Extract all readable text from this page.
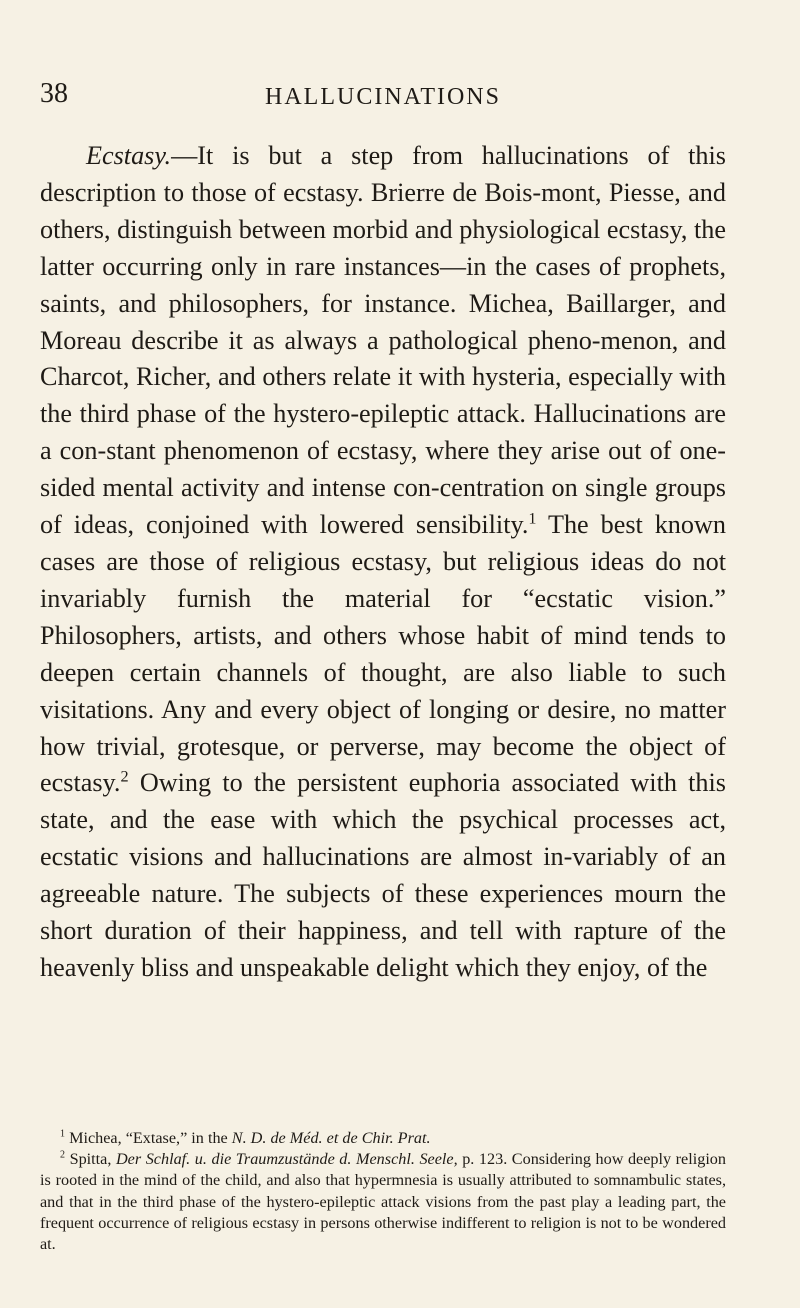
38	HALLUCINATIONS

Ecstasy.—It is but a step from hallucinations of this description to those of ecstasy. Brierre de Bois-mont, Piesse, and others, distinguish between morbid and physiological ecstasy, the latter occurring only in rare instances—in the cases of prophets, saints, and philosophers, for instance. Michea, Baillarger, and Moreau describe it as always a pathological pheno-menon, and Charcot, Richer, and others relate it with hysteria, especially with the third phase of the hystero-epileptic attack. Hallucinations are a con-stant phenomenon of ecstasy, where they arise out of one-sided mental activity and intense con-centration on single groups of ideas, conjoined with lowered sensibility.$^1$ The best known cases are those of religious ecstasy, but religious ideas do not invariably furnish the material for “ecstatic vision.” Philosophers, artists, and others whose habit of mind tends to deepen certain channels of thought, are also liable to such visitations. Any and every object of longing or desire, no matter how trivial, grotesque, or perverse, may become the object of ecstasy.$^2$ Owing to the persistent euphoria associated with this state, and the ease with which the psychical processes act, ecstatic visions and hallucinations are almost in-variably of an agreeable nature. The subjects of these experiences mourn the short duration of their happiness, and tell with rapture of the heavenly bliss and unspeakable delight which they enjoy, of the

$^1$ Michea, “Extase,” in the N. D. de Méd. et de Chir. Prat.

$^2$ Spitta, Der Schlaf. u. die Traumzustände d. Menschl. Seele, p. 123. Considering how deeply religion is rooted in the mind of the child, and also that hypermnesia is usually attributed to somnambulic states, and that in the third phase of the hystero-epileptic attack visions from the past play a leading part, the frequent occurrence of religious ecstasy in persons otherwise indifferent to religion is not to be wondered at.
